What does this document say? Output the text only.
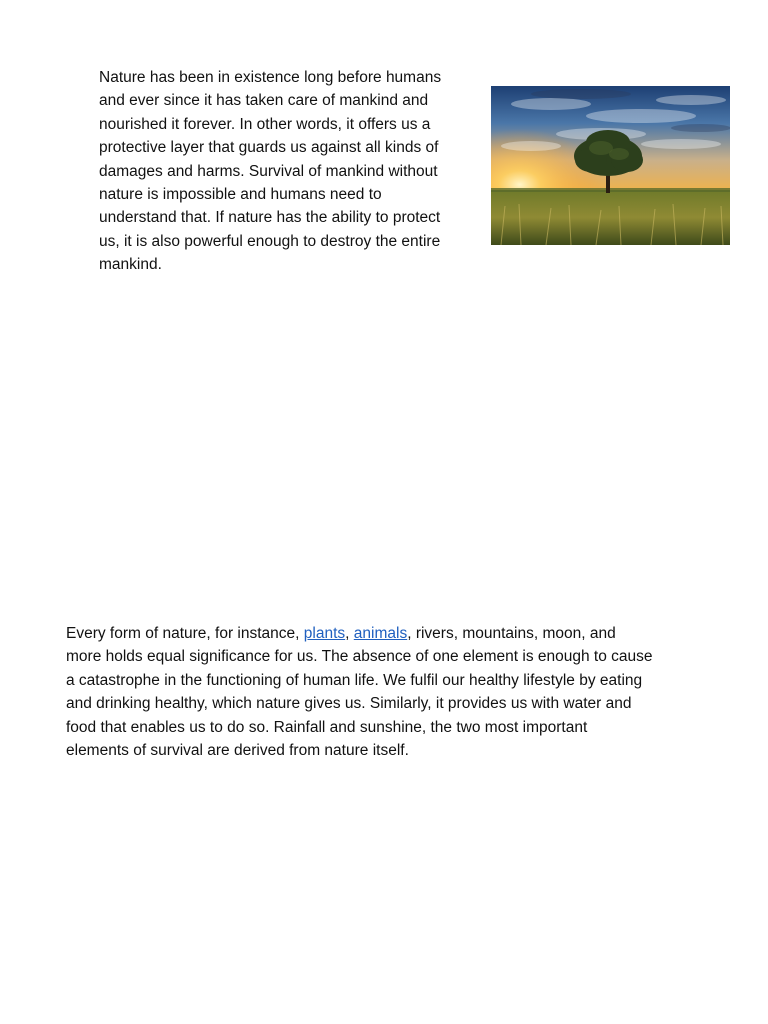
Nature has been in existence long before humans
and ever since it has taken care of mankind and
nourished it forever. In other words, it offers us a
protective layer that guards us against all kinds of
damages and harms. Survival of mankind without
nature is impossible and humans need to
understand that. If nature has the ability to protect
us, it is also powerful enough to destroy the entire
mankind.

Every form of nature, for instance, plants, animals, rivers, mountains, moon, and
more holds equal significance for us. The absence of one element is enough to cause
a catastrophe in the functioning of human life. We fulfil our healthy lifestyle by eating
and drinking healthy, which nature gives us. Similarly, it provides us with water and
food that enables us to do so. Rainfall and sunshine, the two most important
elements of survival are derived from nature itself.
